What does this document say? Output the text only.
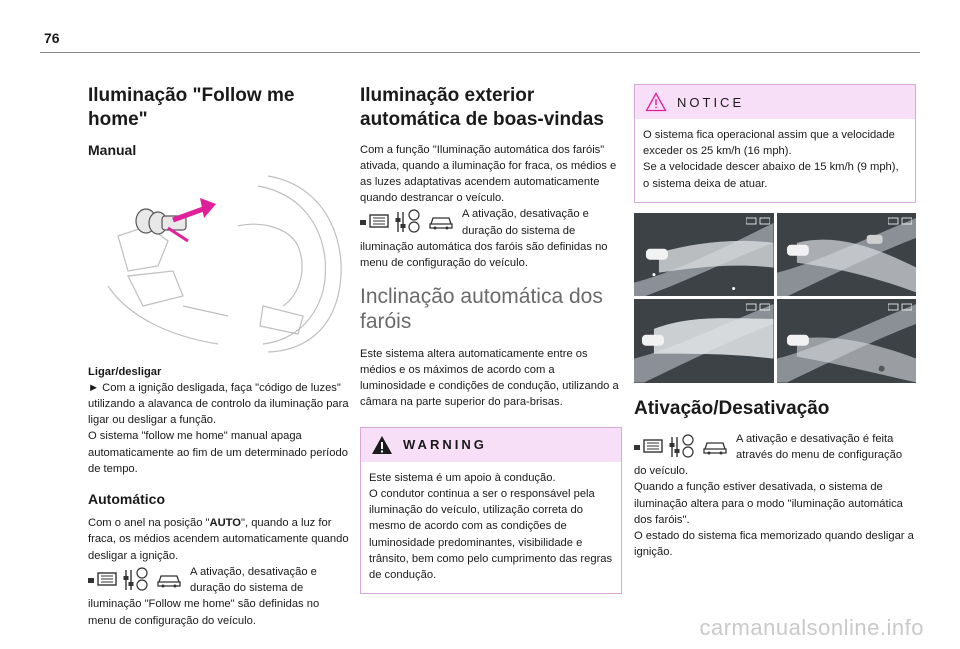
76
Iluminação "Follow me home"
Manual

Ligar/desligar

► Com a ignição desligada, faça "código de luzes" utilizando a alavanca de controlo da iluminação para ligar ou desligar a função.

O sistema "follow me home" manual apaga automaticamente ao fim de um determinado período de tempo.

Automático

Com o anel na posição "AUTO", quando a luz for fraca, os médios acendem automaticamente quando desligar a ignição.

A ativação, desativação e duração do sistema de iluminação "Follow me home" são definidas no menu de configuração do veículo.

Iluminação exterior automática de boas-vindas

Com a função "Iluminação automática dos faróis" ativada, quando a iluminação for fraca, os médios e as luzes adaptativas acendem automaticamente quando destrancar o veículo.

A ativação, desativação e duração do sistema de iluminação automática dos faróis são definidas no menu de configuração do veículo.

Inclinação automática dos faróis

Este sistema altera automaticamente entre os médios e os máximos de acordo com a luminosidade e condições de condução, utilizando a câmara na parte superior do para-brisas.

WARNING

Este sistema é um apoio à condução.

O condutor continua a ser o responsável pela iluminação do veículo, utilização correta do mesmo de acordo com as condições de luminosidade predominantes, visibilidade e trânsito, bem como pelo cumprimento das regras de condução.

NOTICE

O sistema fica operacional assim que a velocidade exceder os 25 km/h (16 mph).

Se a velocidade descer abaixo de 15 km/h (9 mph), o sistema deixa de atuar.

Ativação/Desativação

A ativação e desativação é feita através do menu de configuração do veículo.

Quando a função estiver desativada, o sistema de iluminação altera para o modo "iluminação automática dos faróis".

O estado do sistema fica memorizado quando desligar a ignição.

carmanualsonline.info
